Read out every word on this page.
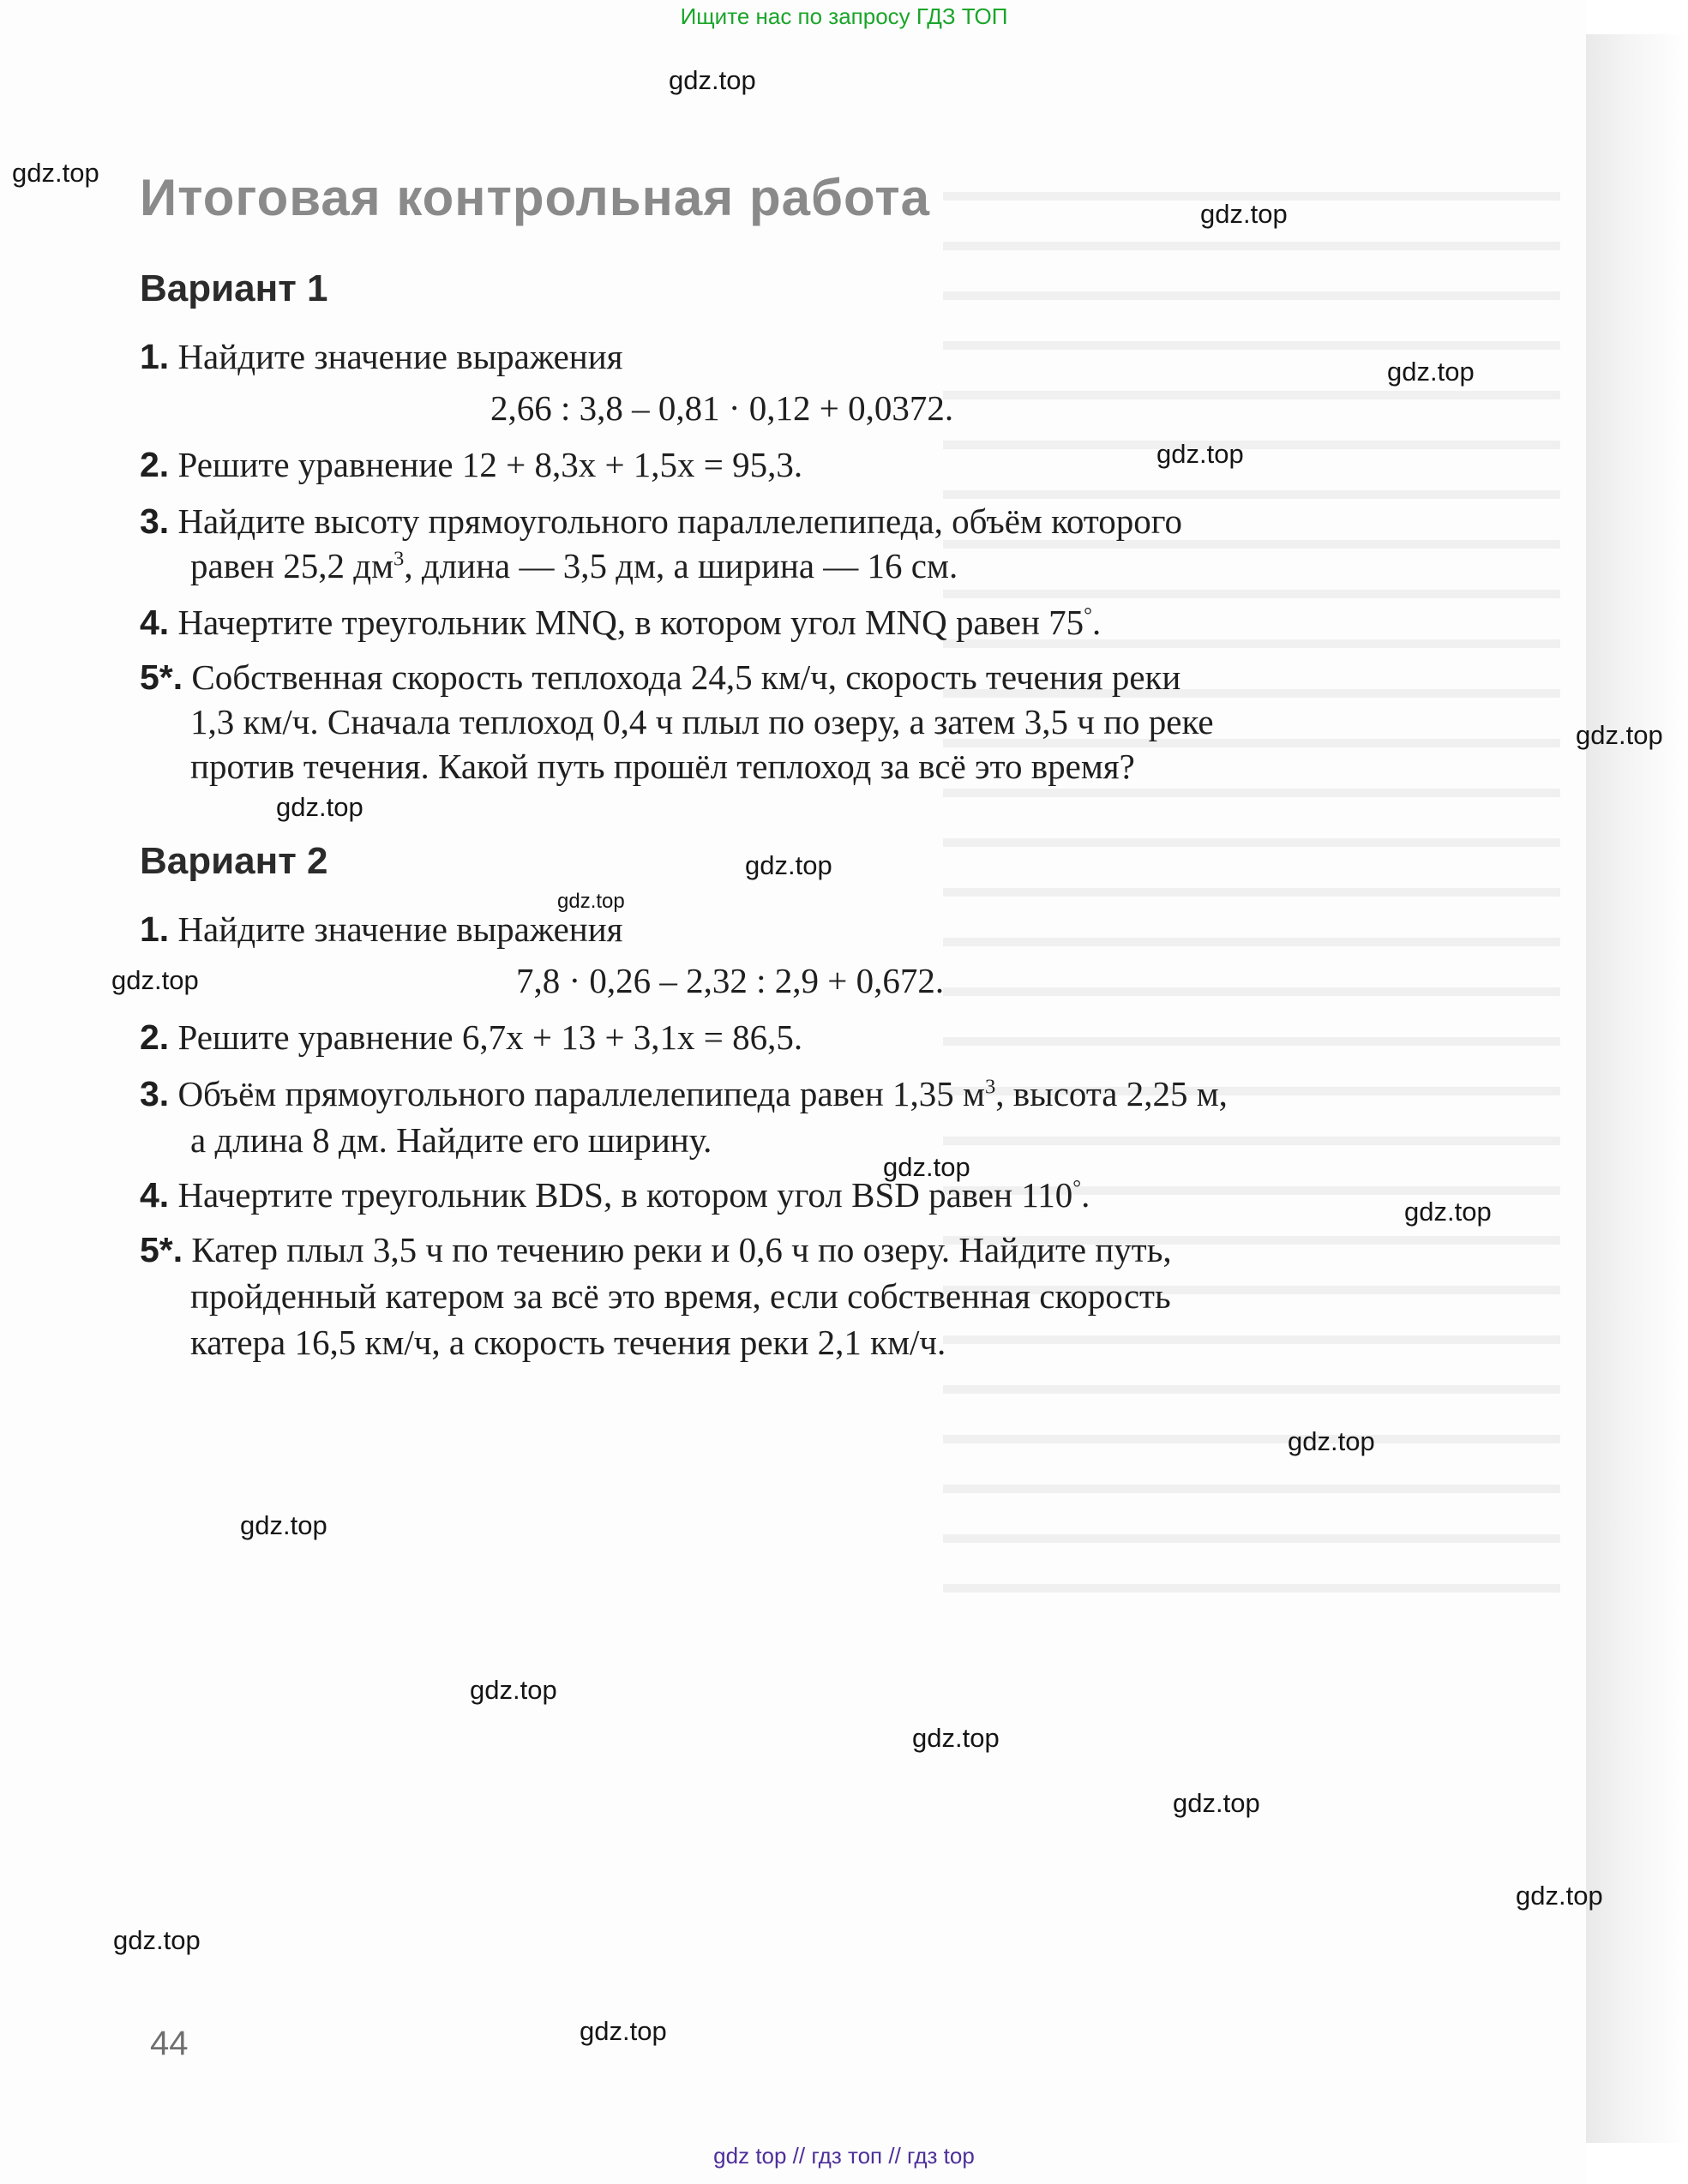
Ищите нас по запросу ГДЗ ТОП
gdz.top
gdz.top
gdz.top
gdz.top
gdz.top
gdz.top
gdz.top
gdz.top
gdz.top
gdz.top
gdz.top
gdz.top
gdz.top
gdz.top
gdz.top
gdz.top
gdz.top
gdz.top
gdz.top
gdz.top
Итоговая контрольная работа
Вариант 1
1. Найдите значение выражения
2,66 : 3,8 – 0,81 · 0,12 + 0,0372.
2. Решите уравнение 12 + 8,3x + 1,5x = 95,3.
3. Найдите высоту прямоугольного параллелепипеда, объём которого
равен 25,2 $дм^3$, длина — 3,5 дм, а ширина — 16 см.
4. Начертите треугольник MNQ, в котором угол MNQ равен 75°.
5*. Собственная скорость теплохода 24,5 км/ч, скорость течения реки
1,3 км/ч. Сначала теплоход 0,4 ч плыл по озеру, а затем 3,5 ч по реке
против течения. Какой путь прошёл теплоход за всё это время?
Вариант 2
1. Найдите значение выражения
7,8 · 0,26 – 2,32 : 2,9 + 0,672.
2. Решите уравнение 6,7x + 13 + 3,1x = 86,5.
3. Объём прямоугольного параллелепипеда равен 1,35 $м^3$, высота 2,25 м,
а длина 8 дм. Найдите его ширину.
4. Начертите треугольник BDS, в котором угол BSD равен 110°.
5*. Катер плыл 3,5 ч по течению реки и 0,6 ч по озеру. Найдите путь,
пройденный катером за всё это время, если собственная скорость
катера 16,5 км/ч, а скорость течения реки 2,1 км/ч.
44
gdz top // гдз топ // гдз top
